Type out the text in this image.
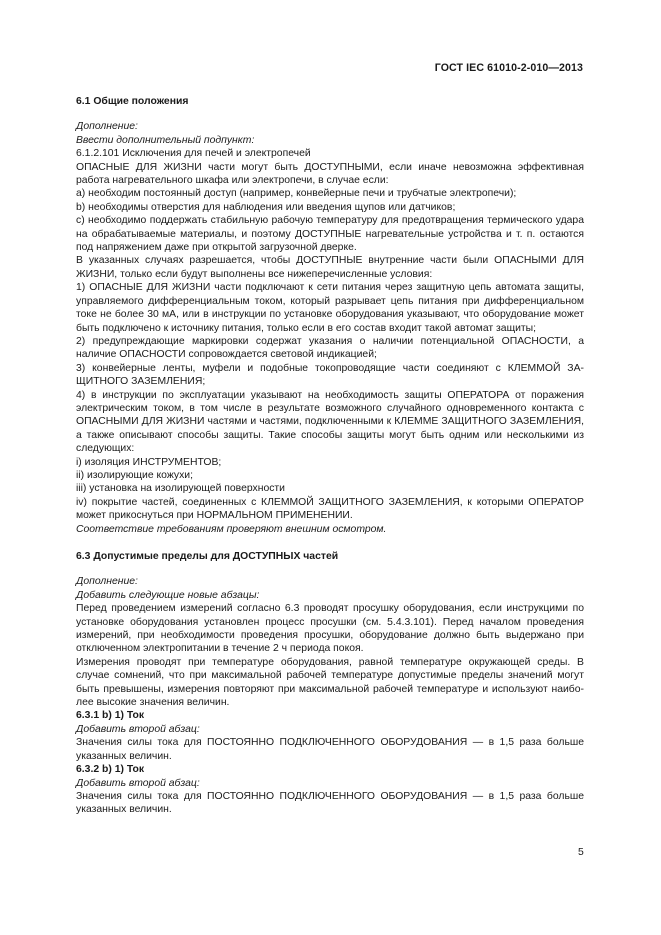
ГОСТ IEC 61010-2-010—2013

6.1 Общие положения

Дополнение:

Ввести дополнительный подпункт:

6.1.2.101 Исключения для печей и электропечей

ОПАСНЫЕ ДЛЯ ЖИЗНИ части могут быть ДОСТУПНЫМИ, если иначе невозможна эффективная работа нагревательного шкафа или электропечи, в случае если:

a) необходим постоянный доступ (например, конвейерные печи и трубчатые электропечи);

b) необходимы отверстия для наблюдения или введения щупов или датчиков;

c) необходимо поддержать стабильную рабочую температуру для предотвращения термического удара на обрабатываемые материалы, и поэтому ДОСТУПНЫЕ нагревательные устройства и т. п. остаются под напряжением даже при открытой загрузочной дверке.

В указанных случаях разрешается, чтобы ДОСТУПНЫЕ внутренние части были ОПАСНЫМИ ДЛЯ ЖИЗНИ, только если будут выполнены все нижеперечисленные условия:

1) ОПАСНЫЕ ДЛЯ ЖИЗНИ части подключают к сети питания через защитную цепь автомата защиты, управляемого дифференциальным током, который разрывает цепь питания при дифференциальном токе не более 30 мА, или в инструкции по установке оборудования указывают, что оборудование может быть подключено к источнику питания, только если в его состав входит такой автомат защиты;

2) предупреждающие маркировки содержат указания о наличии потенциальной ОПАСНОСТИ, а наличие ОПАСНОСТИ сопровождается световой индикацией;

3) конвейерные ленты, муфели и подобные токопроводящие части соединяют с КЛЕММОЙ ЗАЩИТНОГО ЗАЗЕМЛЕНИЯ;

4) в инструкции по эксплуатации указывают на необходимость защиты ОПЕРАТОРА от поражения электрическим током, в том числе в результате возможного случайного одновременного контакта с ОПАСНЫМИ ДЛЯ ЖИЗНИ частями и частями, подключенными к КЛЕММЕ ЗАЩИТНОГО ЗАЗЕМЛЕНИЯ, а также описывают способы защиты. Такие способы защиты могут быть одним или несколькими из следующих:

i) изоляция ИНСТРУМЕНТОВ;

ii) изолирующие кожухи;

iii) установка на изолирующей поверхности

iv) покрытие частей, соединенных с КЛЕММОЙ ЗАЩИТНОГО ЗАЗЕМЛЕНИЯ, к которыми ОПЕРАТОР может прикоснуться при НОРМАЛЬНОМ ПРИМЕНЕНИИ.

Соответствие требованиям проверяют внешним осмотром.

6.3 Допустимые пределы для ДОСТУПНЫХ частей

Дополнение:

Добавить следующие новые абзацы:

Перед проведением измерений согласно 6.3 проводят просушку оборудования, если инструкцими по установке оборудования установлен процесс просушки (см. 5.4.3.101). Перед началом проведения измерений, при необходимости проведения просушки, оборудование должно быть выдержано при отключенном электропитании в течение 2 ч периода покоя.

Измерения проводят при температуре оборудования, равной температуре окружающей среды. В случае сомнений, что при максимальной рабочей температуре допустимые пределы значений могут быть превышены, измерения повторяют при максимальной рабочей температуре и используют наиболее высокие значения величин.

6.3.1 b) 1) Ток

Добавить второй абзац:

Значения силы тока для ПОСТОЯННО ПОДКЛЮЧЕННОГО ОБОРУДОВАНИЯ — в 1,5 раза больше указанных величин.

6.3.2 b) 1) Ток

Добавить второй абзац:

Значения силы тока для ПОСТОЯННО ПОДКЛЮЧЕННОГО ОБОРУДОВАНИЯ — в 1,5 раза больше указанных величин.

5
